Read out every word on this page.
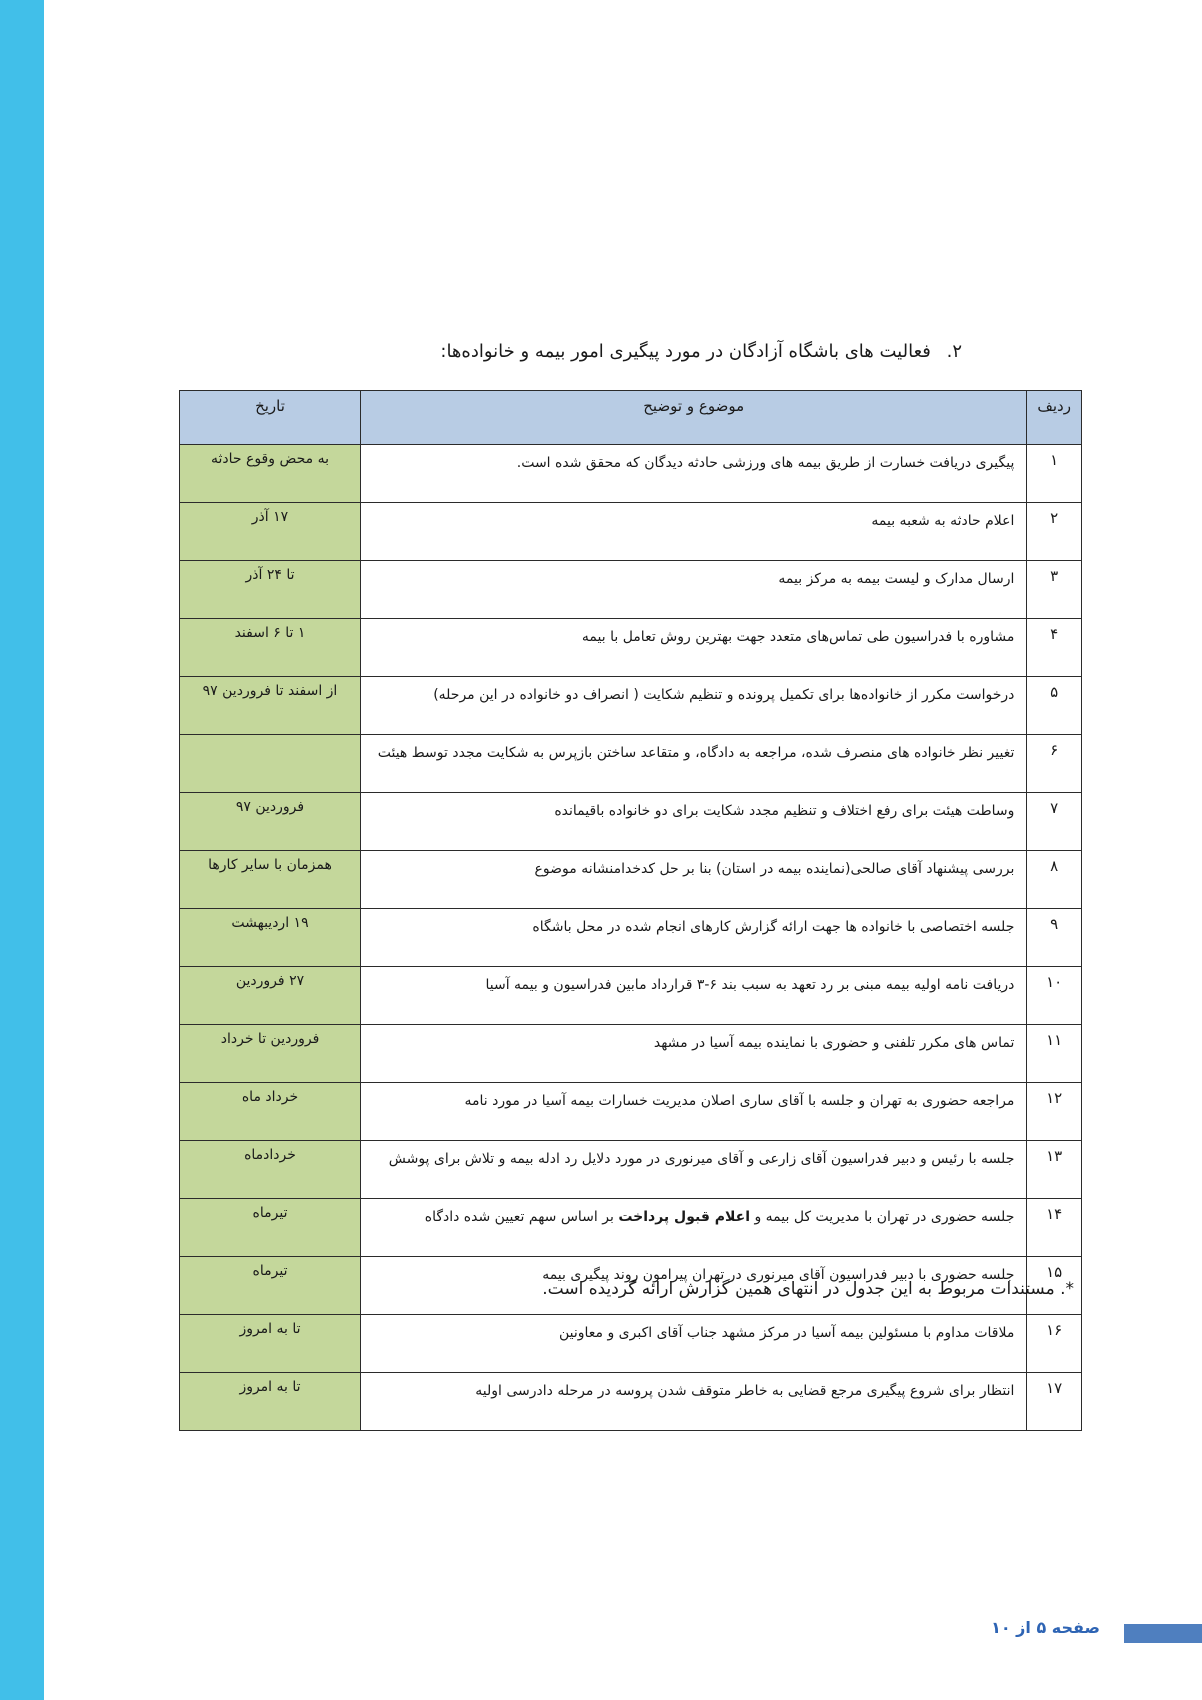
۲. فعالیت های باشگاه آزادگان در مورد پیگیری امور بیمه و خانواده‌ها:
ردیف	موضوع و توضیح	تاریخ
۱	پیگیری دریافت خسارت از طریق بیمه های ورزشی حادثه دیدگان که محقق شده است.	به محض وقوع حادثه
۲	اعلام حادثه به شعبه بیمه	۱۷ آذر
۳	ارسال مدارک و لیست بیمه به مرکز بیمه	تا ۲۴ آذر
۴	مشاوره با فدراسیون طی تماس‌های متعدد جهت بهترین روش تعامل با بیمه	۱ تا ۶ اسفند
۵	درخواست مکرر از خانواده‌ها برای تکمیل پرونده و تنظیم شکایت ( انصراف دو خانواده در این مرحله)	از اسفند تا فروردین ۹۷
۶	تغییر نظر خانواده های منصرف شده، مراجعه به دادگاه، و متقاعد ساختن بازپرس به شکایت مجدد توسط هیئت	
۷	وساطت هیئت برای رفع اختلاف و تنظیم مجدد شکایت برای دو خانواده باقیمانده	فروردین ۹۷
۸	بررسی پیشنهاد آقای صالحی(نماینده بیمه در استان) بنا بر حل کدخدامنشانه موضوع	همزمان با سایر کارها
۹	جلسه اختصاصی با خانواده ها جهت ارائه گزارش کارهای انجام شده در محل باشگاه	۱۹ اردیبهشت
۱۰	دریافت نامه اولیه بیمه مبنی بر رد تعهد به سبب بند ۶-۳ قرارداد مابین فدراسیون و بیمه آسیا	۲۷ فروردین
۱۱	تماس های مکرر تلفنی و حضوری با نماینده بیمه آسیا در مشهد	فروردین تا خرداد
۱۲	مراجعه حضوری به تهران و جلسه با آقای ساری اصلان مدیریت خسارات بیمه آسیا در مورد نامه	خرداد ماه
۱۳	جلسه با رئیس و دبیر فدراسیون آقای زارعی و آقای میرنوری در مورد دلایل رد ادله بیمه و تلاش برای پوشش	خردادماه
۱۴	جلسه حضوری در تهران با مدیریت کل بیمه و اعلام قبول پرداخت بر اساس سهم تعیین شده دادگاه	تیرماه
۱۵	جلسه حضوری با دبیر فدراسیون آقای میرنوری در تهران پیرامون روند پیگیری بیمه	تیرماه
۱۶	ملاقات مداوم با مسئولین بیمه آسیا در مرکز مشهد جناب آقای اکبری و معاونین	تا به امروز
۱۷	انتظار برای شروع پیگیری مرجع قضایی به خاطر متوقف شدن پروسه در مرحله دادرسی اولیه	تا به امروز
*. مستندات مربوط به این جدول در انتهای همین گزارش ارائه گردیده است.
صفحه ۵ از ۱۰
